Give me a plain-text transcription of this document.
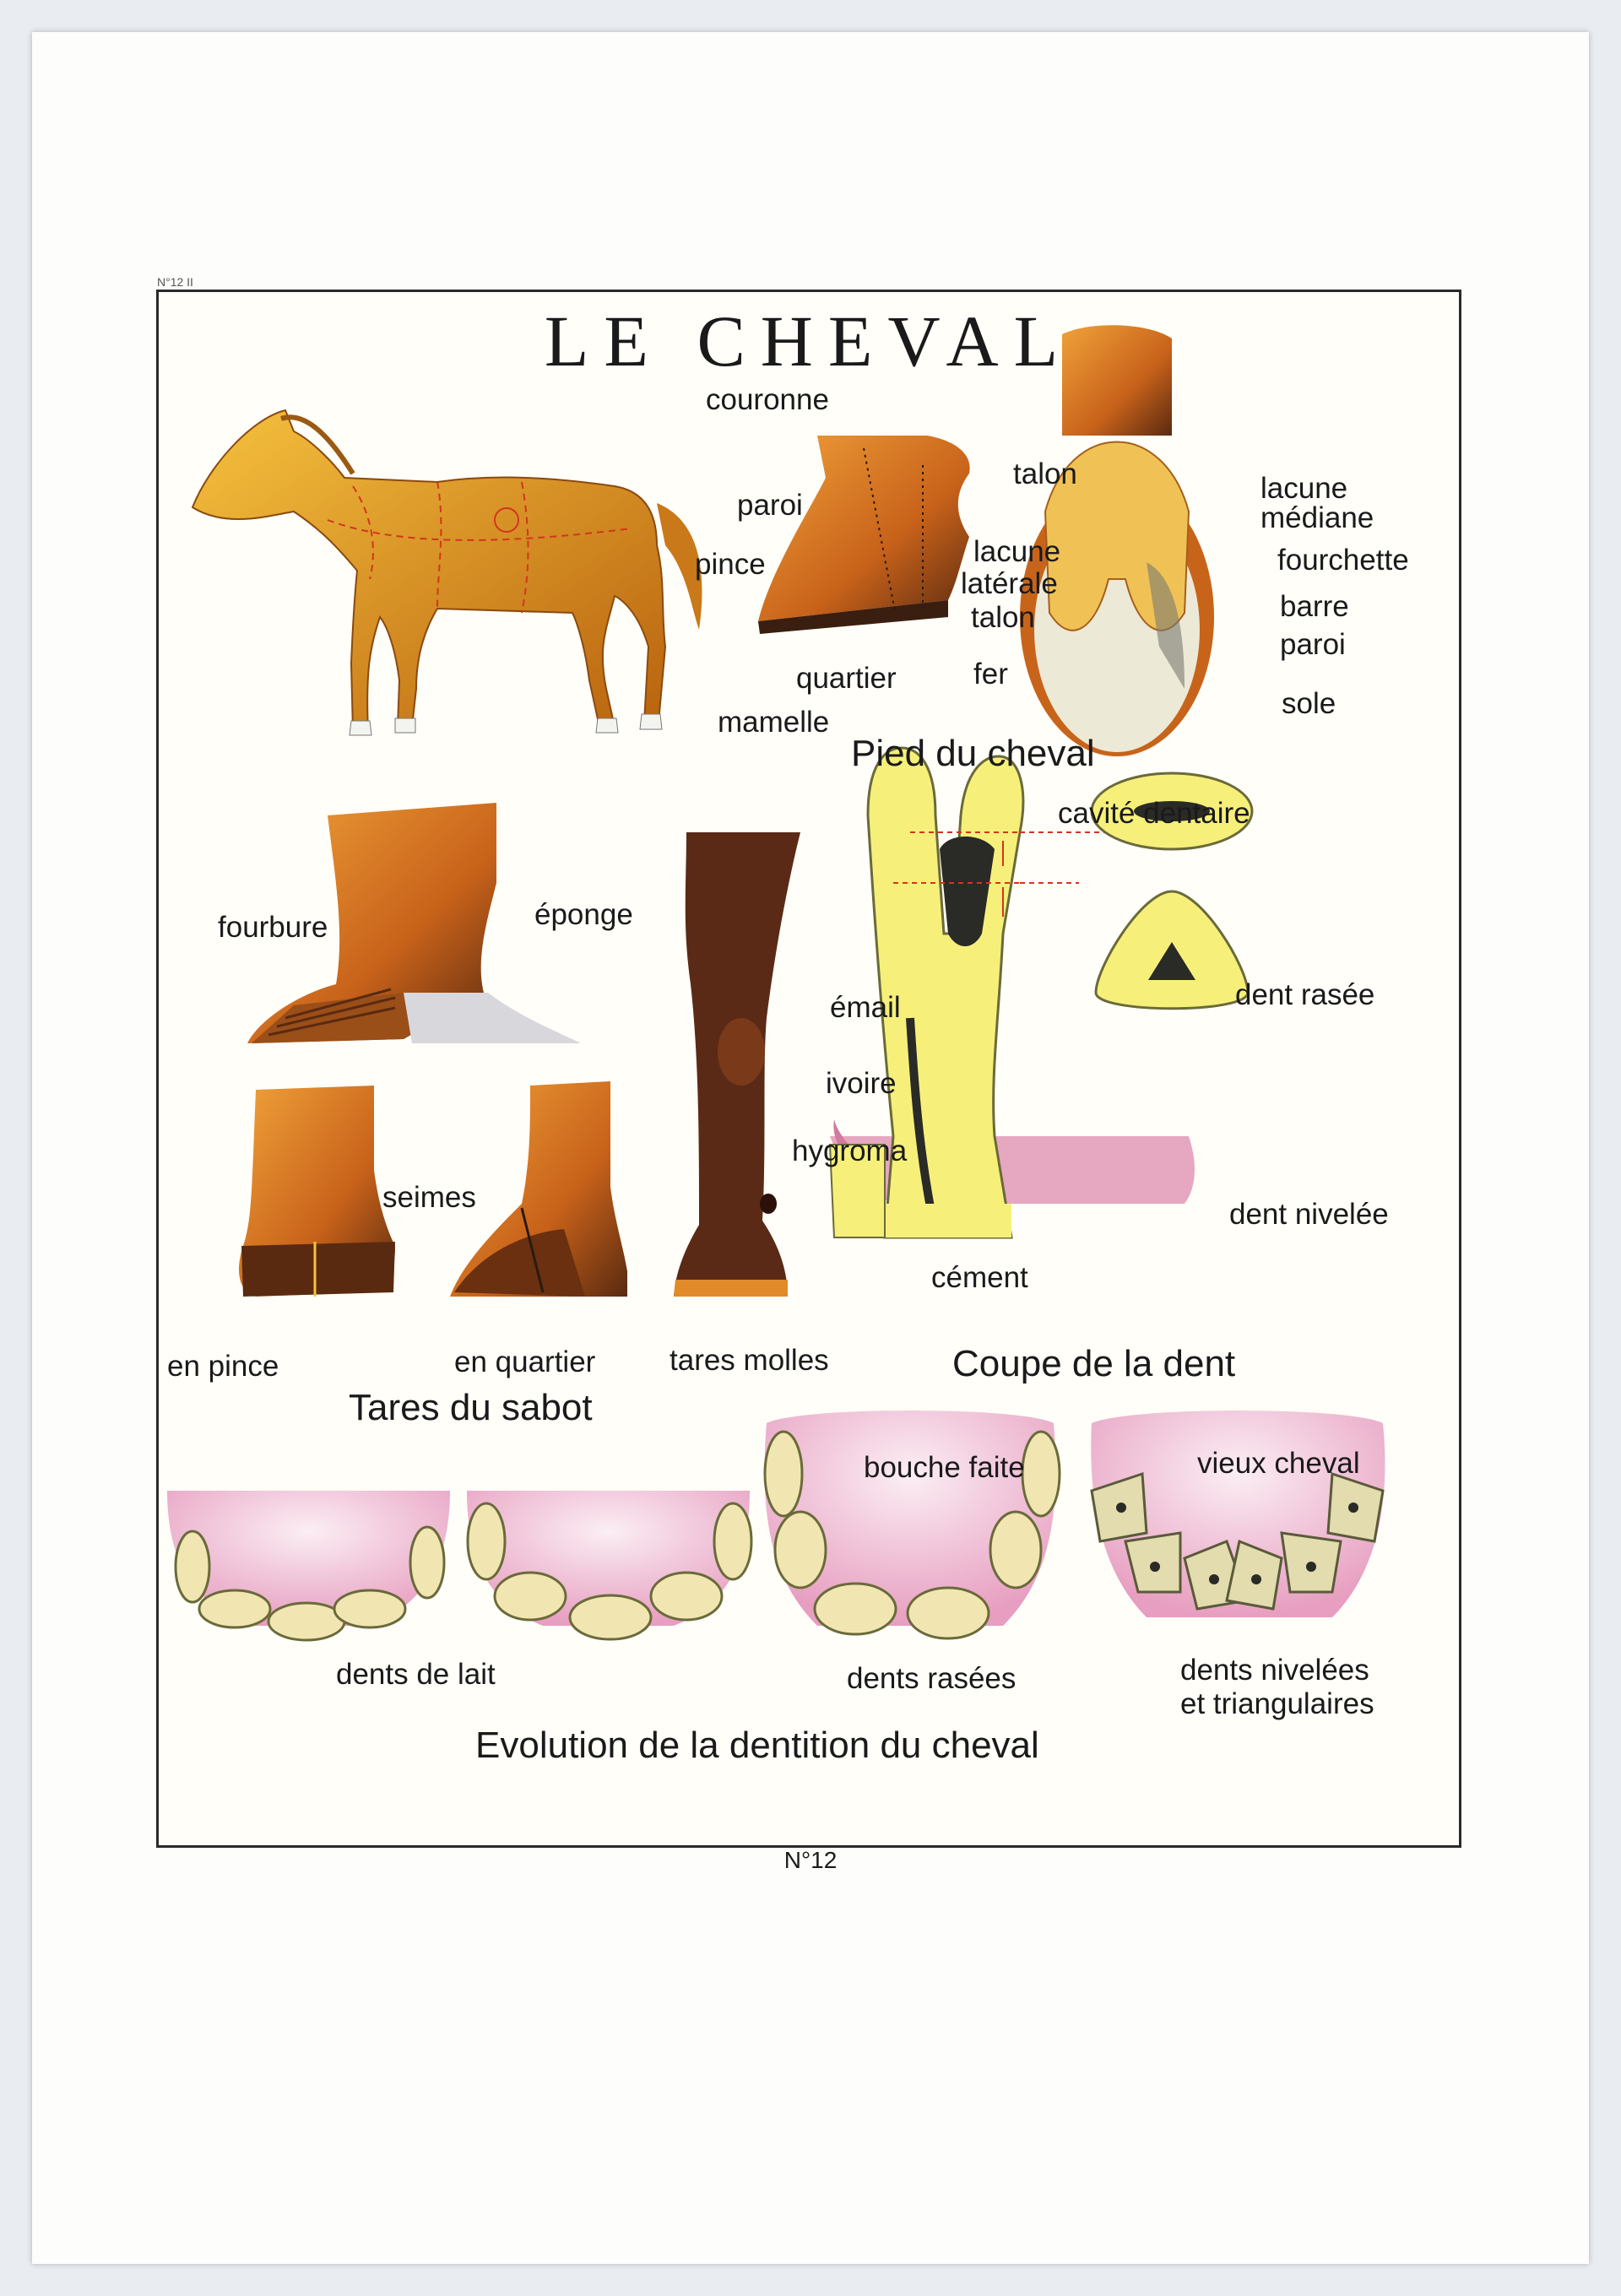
LE CHEVAL
N°12 II
couronne
paroi
pince	lacune
latérale
talon
quartier	fer
mamelle
talon	lacune
médiane
fourchette
barre
paroi
sole
Pied du cheval
fourbure	éponge
seimes
hygroma
en pince	en quartier	tares molles
Tares du sabot
cavité dentaire
émail
ivoire
cément
dent rasée
dent nivelée
Coupe de la dent
bouche faite	vieux cheval
dents de lait	dents rasées	dents nivelées
et triangulaires
Evolution de la dentition du cheval
N°12
